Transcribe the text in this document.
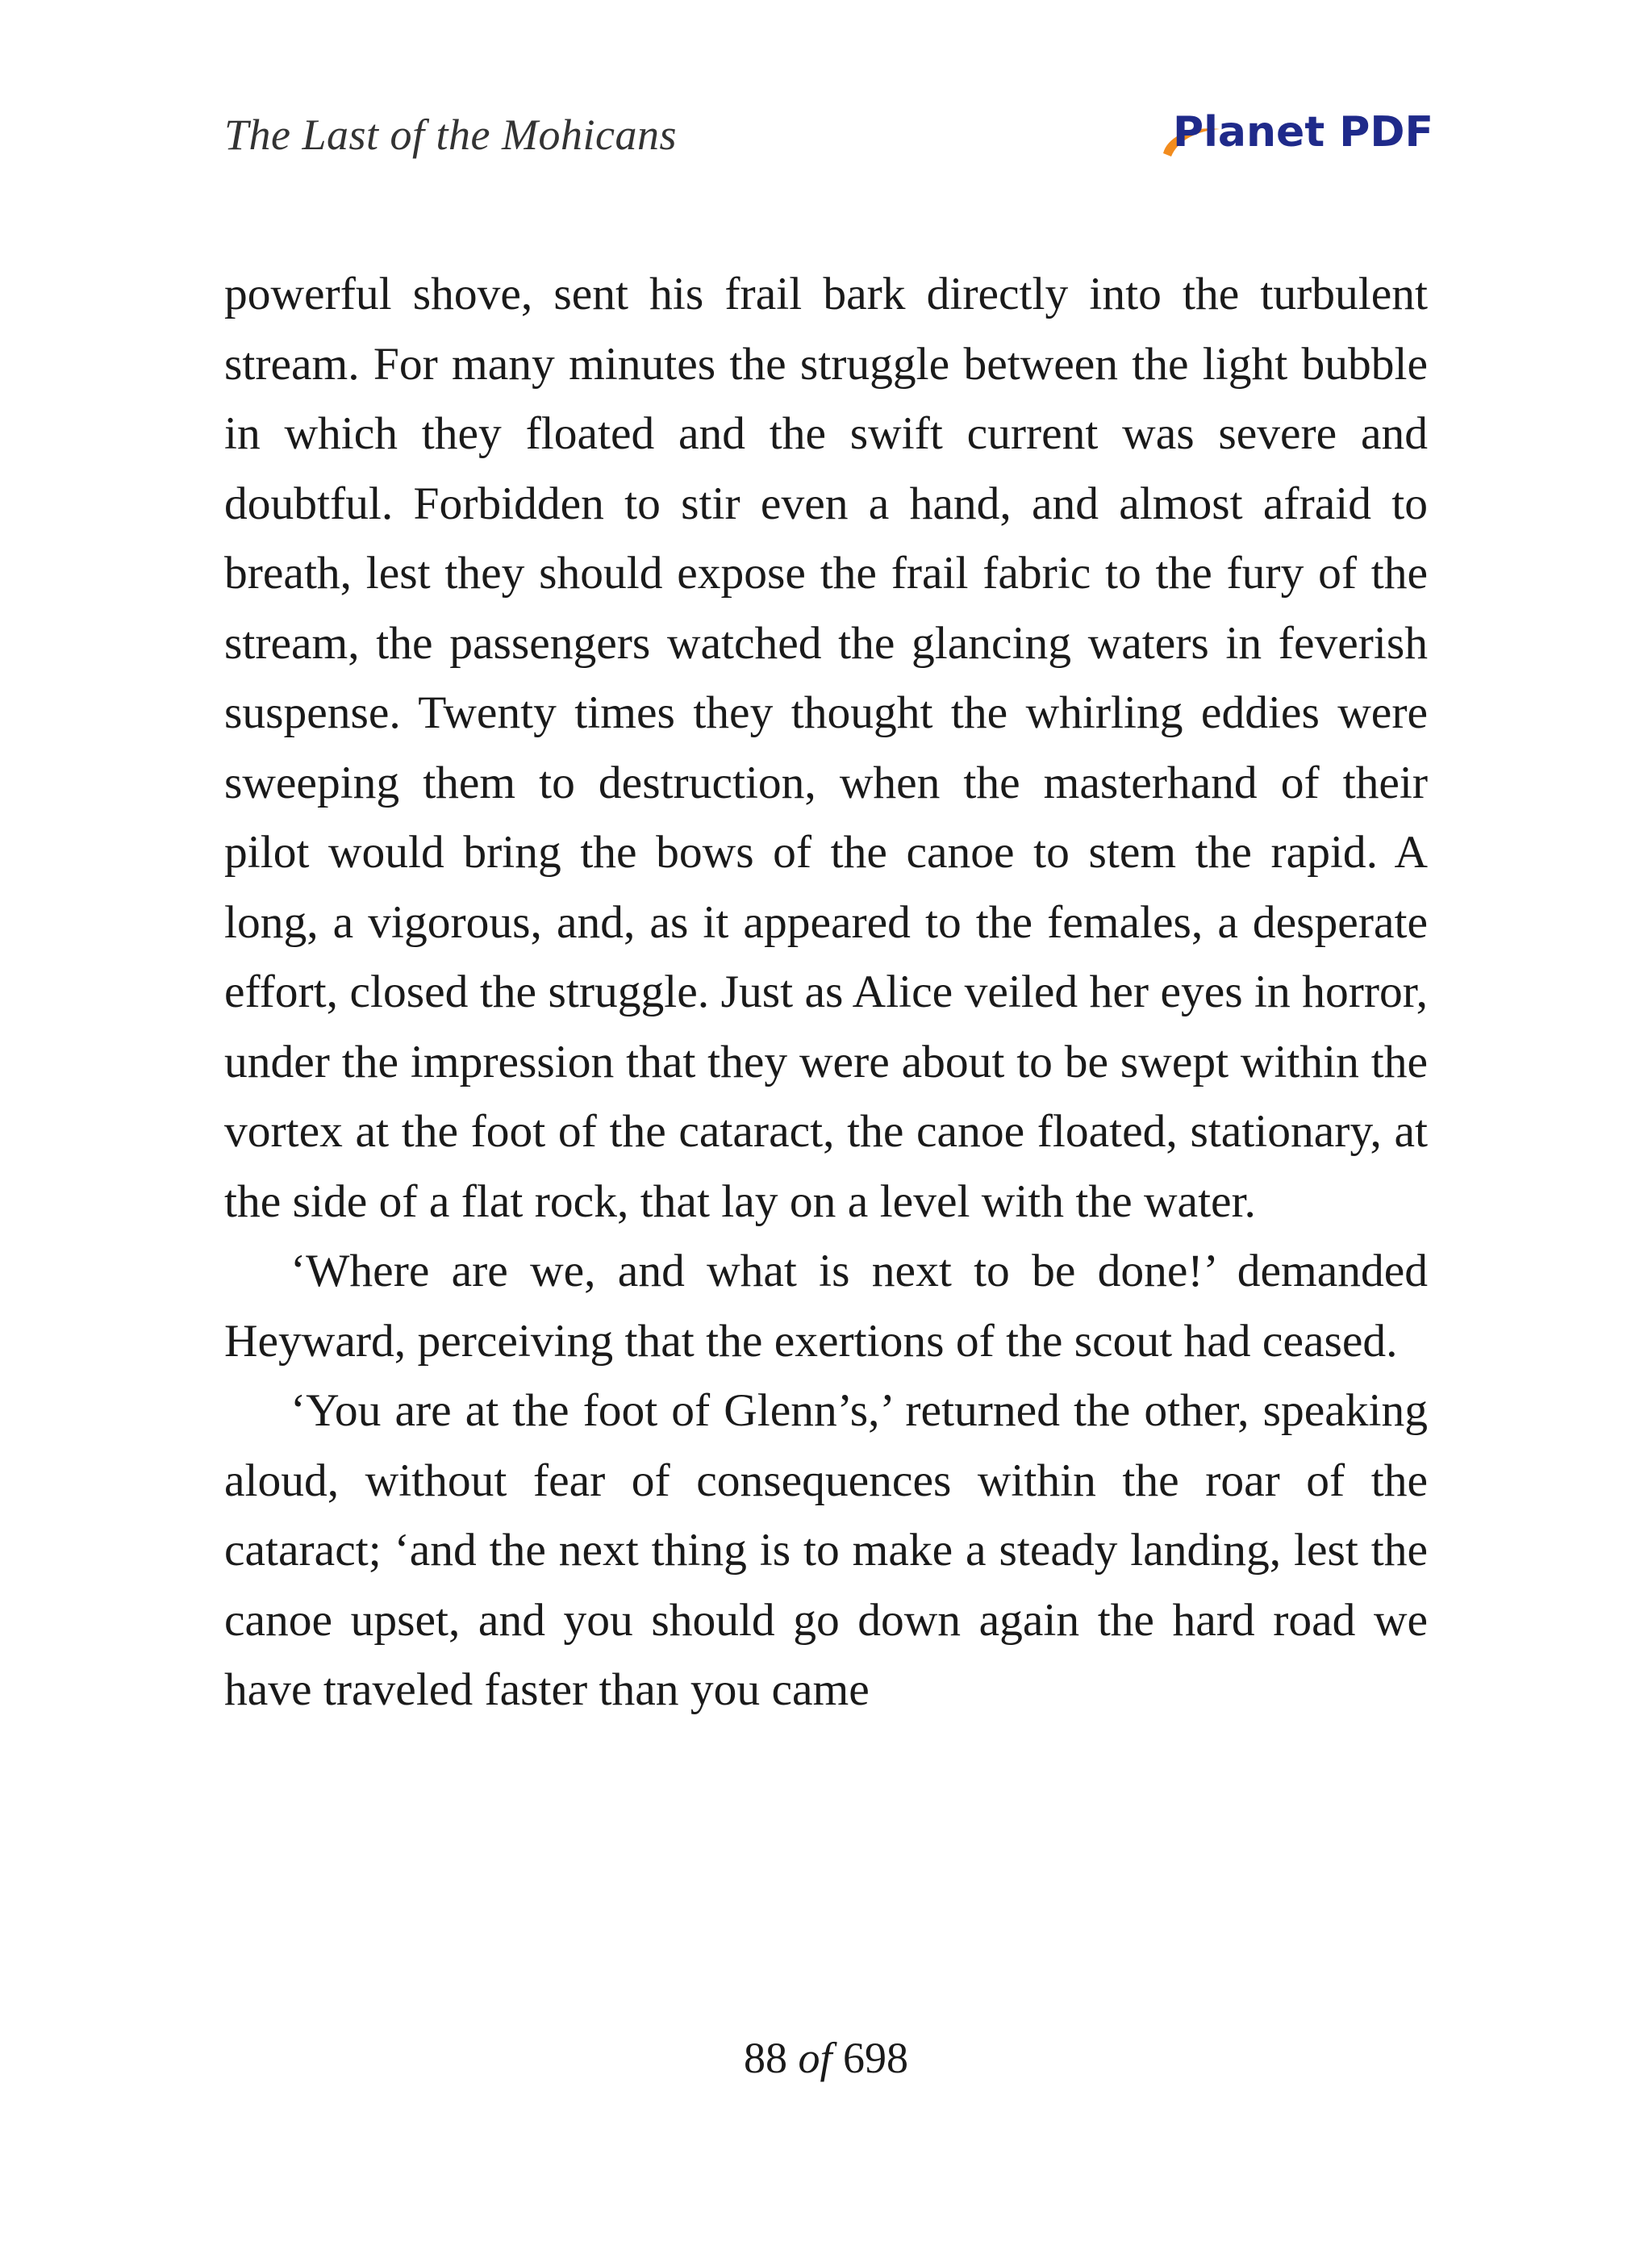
The Last of the Mohicans	Planet PDF

powerful shove, sent his frail bark directly into the turbulent stream. For many minutes the struggle between the light bubble in which they floated and the swift current was severe and doubtful. Forbidden to stir even a hand, and almost afraid to breath, lest they should expose the frail fabric to the fury of the stream, the passengers watched the glancing waters in feverish suspense. Twenty times they thought the whirling eddies were sweeping them to destruction, when the masterhand of their pilot would bring the bows of the canoe to stem the rapid. A long, a vigorous, and, as it appeared to the females, a desperate effort, closed the struggle. Just as Alice veiled her eyes in horror, under the impression that they were about to be swept within the vortex at the foot of the cataract, the canoe floated, stationary, at the side of a flat rock, that lay on a level with the water.

‘Where are we, and what is next to be done!’ demanded Heyward, perceiving that the exertions of the scout had ceased.

‘You are at the foot of Glenn’s,’ returned the other, speaking aloud, without fear of consequences within the roar of the cataract; ‘and the next thing is to make a steady landing, lest the canoe upset, and you should go down again the hard road we have traveled faster than you came

88 of 698
